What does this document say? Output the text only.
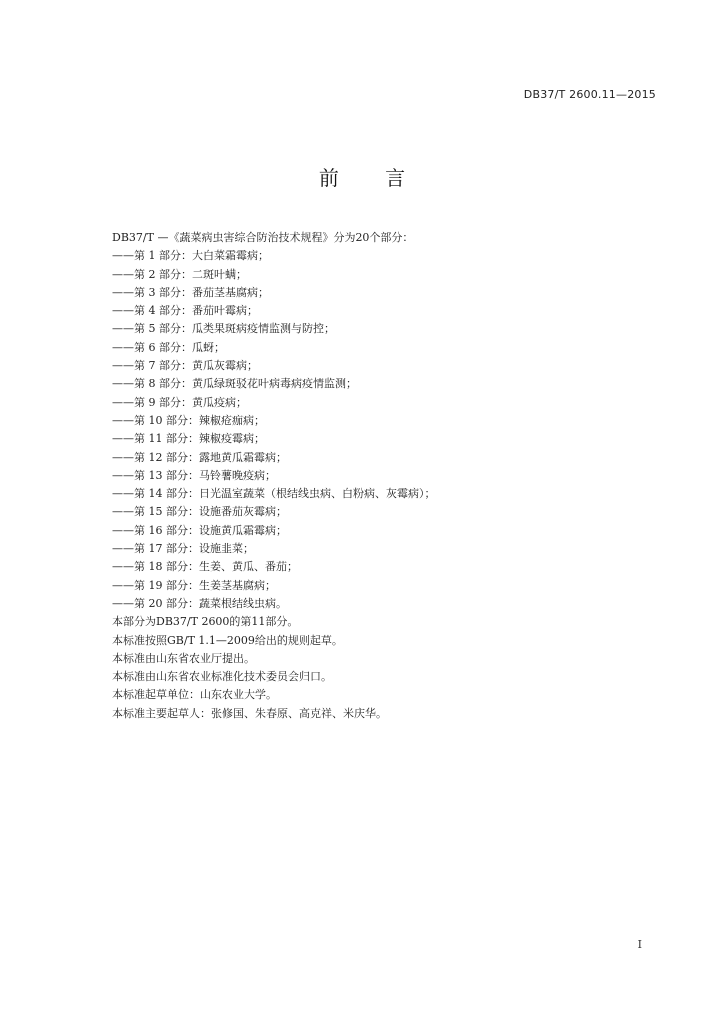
DB37/T 2600.11—2015
前 言
DB37/T —《蔬菜病虫害综合防治技术规程》分为20个部分：
——第 1 部分：大白菜霜霉病；
——第 2 部分：二斑叶螨；
——第 3 部分：番茄茎基腐病；
——第 4 部分：番茄叶霉病；
——第 5 部分：瓜类果斑病疫情监测与防控；
——第 6 部分：瓜蚜；
——第 7 部分：黄瓜灰霉病；
——第 8 部分：黄瓜绿斑驳花叶病毒病疫情监测；
——第 9 部分：黄瓜疫病；
——第 10 部分：辣椒疮痂病；
——第 11 部分：辣椒疫霉病；
——第 12 部分：露地黄瓜霜霉病；
——第 13 部分：马铃薯晚疫病；
——第 14 部分：日光温室蔬菜（根结线虫病、白粉病、灰霉病）；
——第 15 部分：设施番茄灰霉病；
——第 16 部分：设施黄瓜霜霉病；
——第 17 部分：设施韭菜；
——第 18 部分：生姜、黄瓜、番茄；
——第 19 部分：生姜茎基腐病；
——第 20 部分：蔬菜根结线虫病。
本部分为DB37/T 2600的第11部分。
本标准按照GB/T 1.1—2009给出的规则起草。
本标准由山东省农业厅提出。
本标准由山东省农业标准化技术委员会归口。
本标准起草单位：山东农业大学。
本标准主要起草人：张修国、朱春原、高克祥、米庆华。
I
